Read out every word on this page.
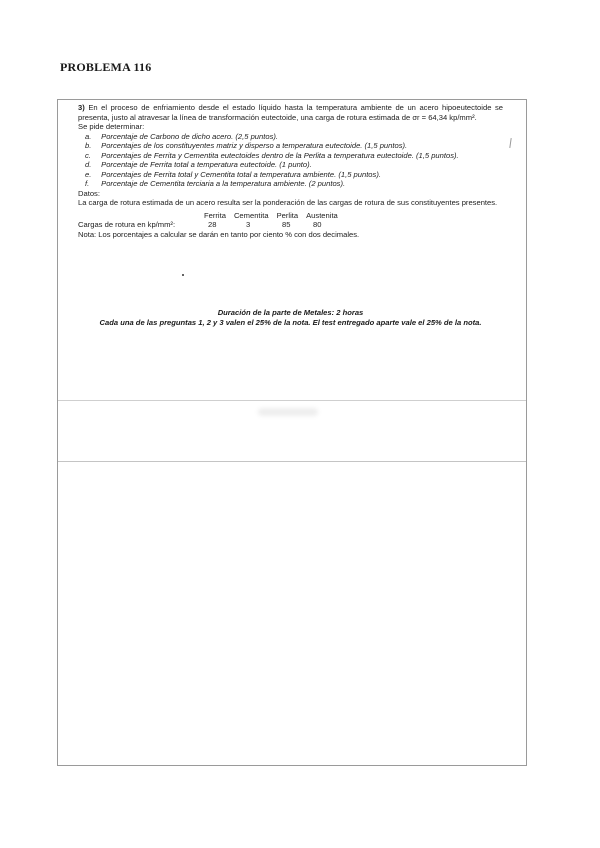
PROBLEMA 116

3) En el proceso de enfriamiento desde el estado líquido hasta la temperatura ambiente de un acero hipoeutectoide se presenta, justo al atravesar la línea de transformación eutectoide, una carga de rotura estimada de σr = 64,34 kp/mm².

Se pide determinar:

a. Porcentaje de Carbono de dicho acero. (2,5 puntos).

b. Porcentajes de los constituyentes matriz y disperso a temperatura eutectoide. (1,5 puntos).

c. Porcentajes de Ferrita y Cementita eutectoides dentro de la Perlita a temperatura eutectoide. (1,5 puntos).

d. Porcentaje de Ferrita total a temperatura eutectoide. (1 punto).

e. Porcentajes de Ferrita total y Cementita total a temperatura ambiente. (1,5 puntos).

f. Porcentaje de Cementita terciaria a la temperatura ambiente. (2 puntos).

Datos:

La carga de rotura estimada de un acero resulta ser la ponderación de las cargas de rotura de sus constituyentes presentes.

Ferrita Cementita Perlita Austenita
Cargas de rotura en kp/mm²:	28	3	85	80

Nota: Los porcentajes a calcular se darán en tanto por ciento % con dos decimales.

Duración de la parte de Metales: 2 horas

Cada una de las preguntas 1, 2 y 3 valen el 25% de la nota. El test entregado aparte vale el 25% de la nota.
